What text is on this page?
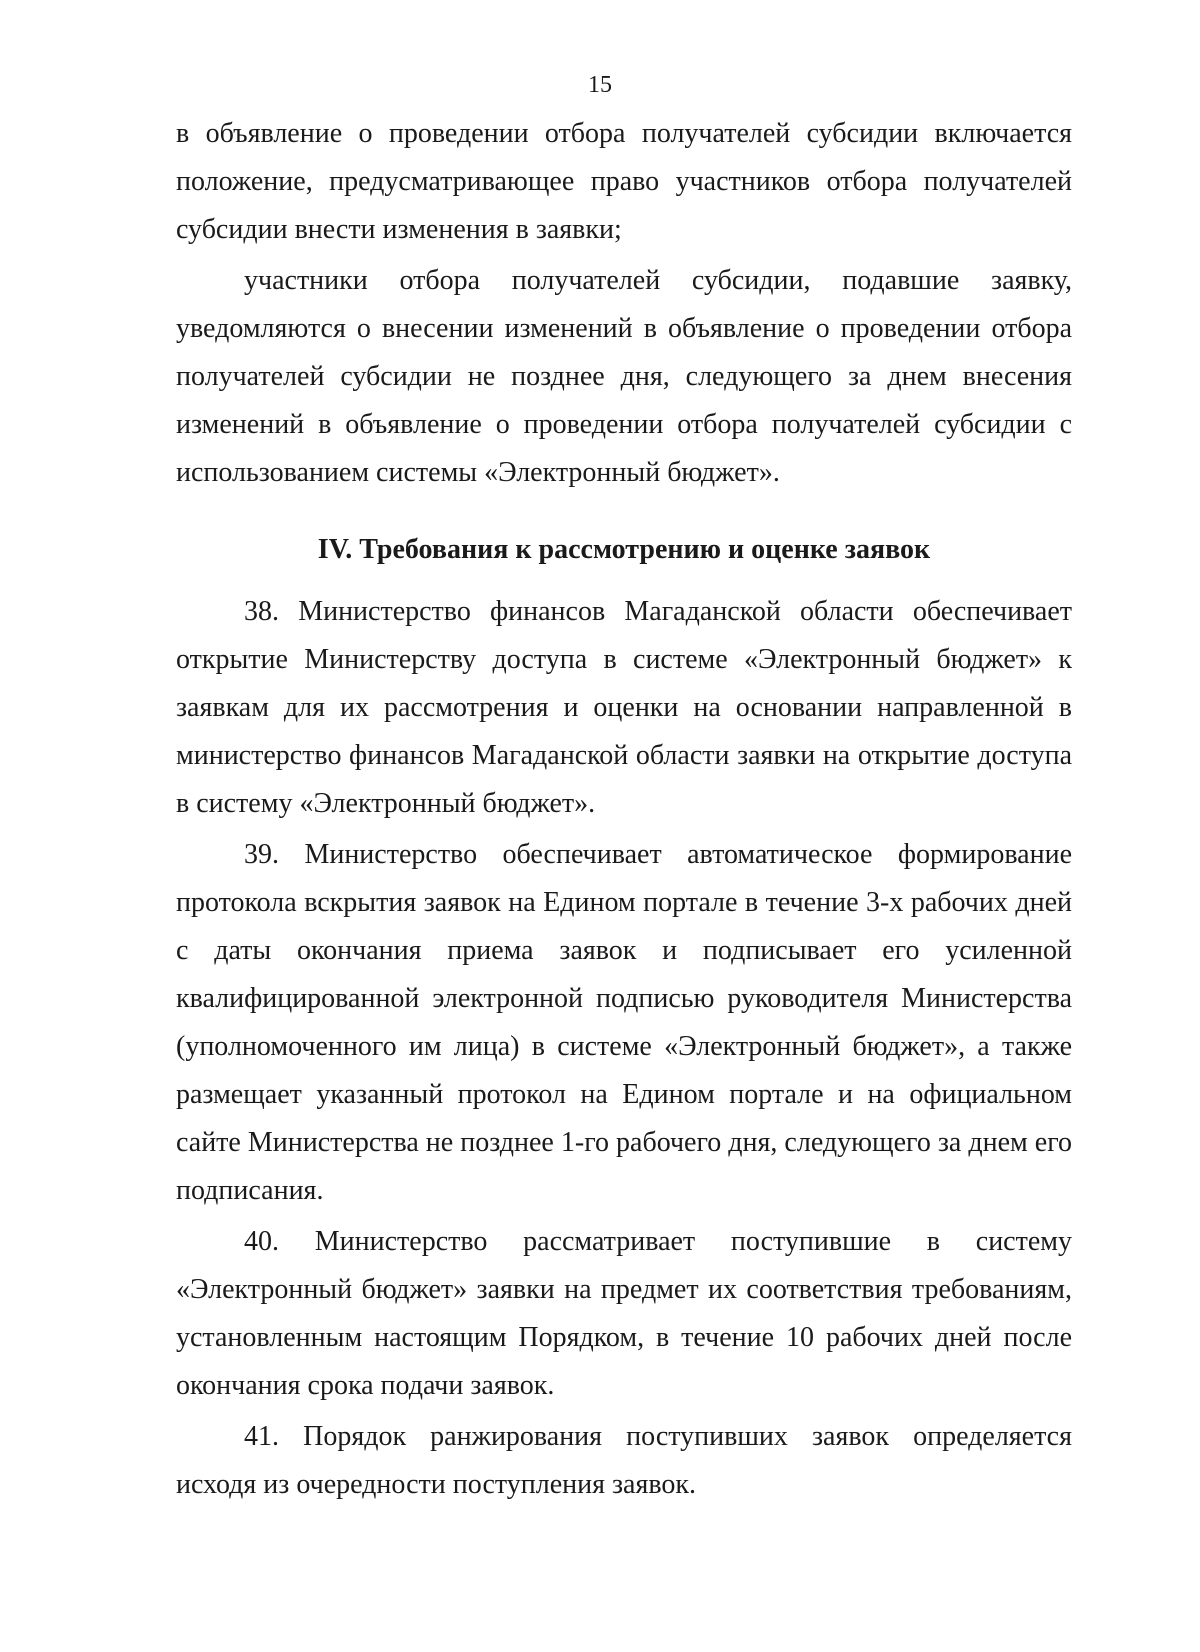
15

в объявление о проведении отбора получателей субсидии включается положение, предусматривающее право участников отбора получателей субсидии внести изменения в заявки;

участники отбора получателей субсидии, подавшие заявку, уведомляются о внесении изменений в объявление о проведении отбора получателей субсидии не позднее дня, следующего за днем внесения изменений в объявление о проведении отбора получателей субсидии с использованием системы «Электронный бюджет».

IV. Требования к рассмотрению и оценке заявок

38. Министерство финансов Магаданской области обеспечивает открытие Министерству доступа в системе «Электронный бюджет» к заявкам для их рассмотрения и оценки на основании направленной в министерство финансов Магаданской области заявки на открытие доступа в систему «Электронный бюджет».

39. Министерство обеспечивает автоматическое формирование протокола вскрытия заявок на Едином портале в течение 3-х рабочих дней с даты окончания приема заявок и подписывает его усиленной квалифицированной электронной подписью руководителя Министерства (уполномоченного им лица) в системе «Электронный бюджет», а также размещает указанный протокол на Едином портале и на официальном сайте Министерства не позднее 1-го рабочего дня, следующего за днем его подписания.

40. Министерство рассматривает поступившие в систему «Электронный бюджет» заявки на предмет их соответствия требованиям, установленным настоящим Порядком, в течение 10 рабочих дней после окончания срока подачи заявок.

41. Порядок ранжирования поступивших заявок определяется исходя из очередности поступления заявок.
